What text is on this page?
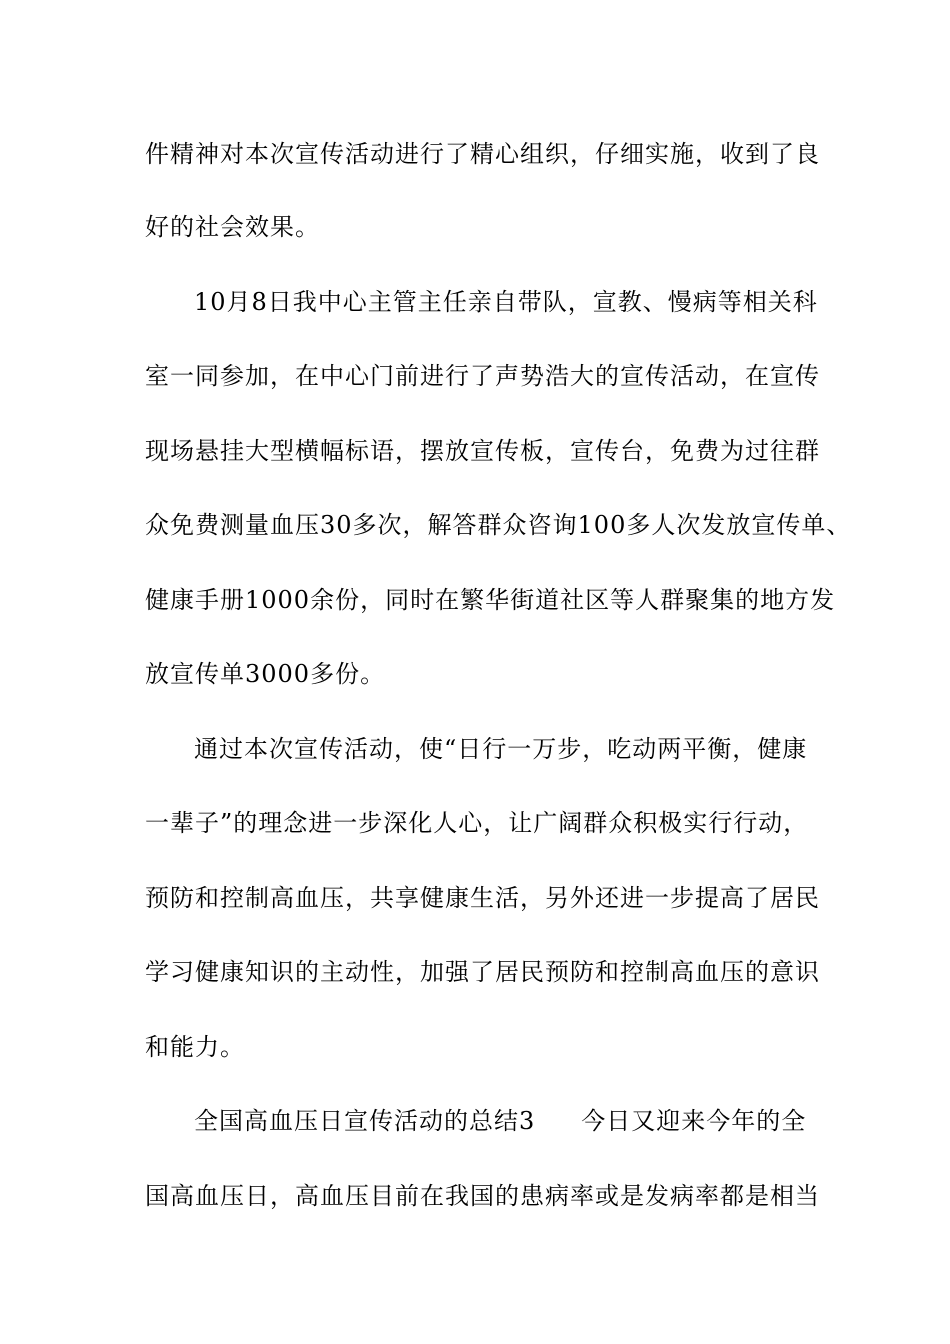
件精神对本次宣传活动进行了精心组织，仔细实施，收到了良
好的社会效果。
10月8日我中心主管主任亲自带队，宣教、慢病等相关科
室一同参加，在中心门前进行了声势浩大的宣传活动，在宣传
现场悬挂大型横幅标语，摆放宣传板，宣传台，免费为过往群
众免费测量血压30多次，解答群众咨询100多人次发放宣传单、
健康手册1000余份，同时在繁华街道社区等人群聚集的地方发
放宣传单3000多份。
通过本次宣传活动，使“日行一万步，吃动两平衡，健康
一辈子”的理念进一步深化人心，让广阔群众积极实行行动，
预防和控制高血压，共享健康生活，另外还进一步提高了居民
学习健康知识的主动性，加强了居民预防和控制高血压的意识
和能力。
全国高血压日宣传活动的总结3 今日又迎来今年的全
国高血压日，高血压目前在我国的患病率或是发病率都是相当
